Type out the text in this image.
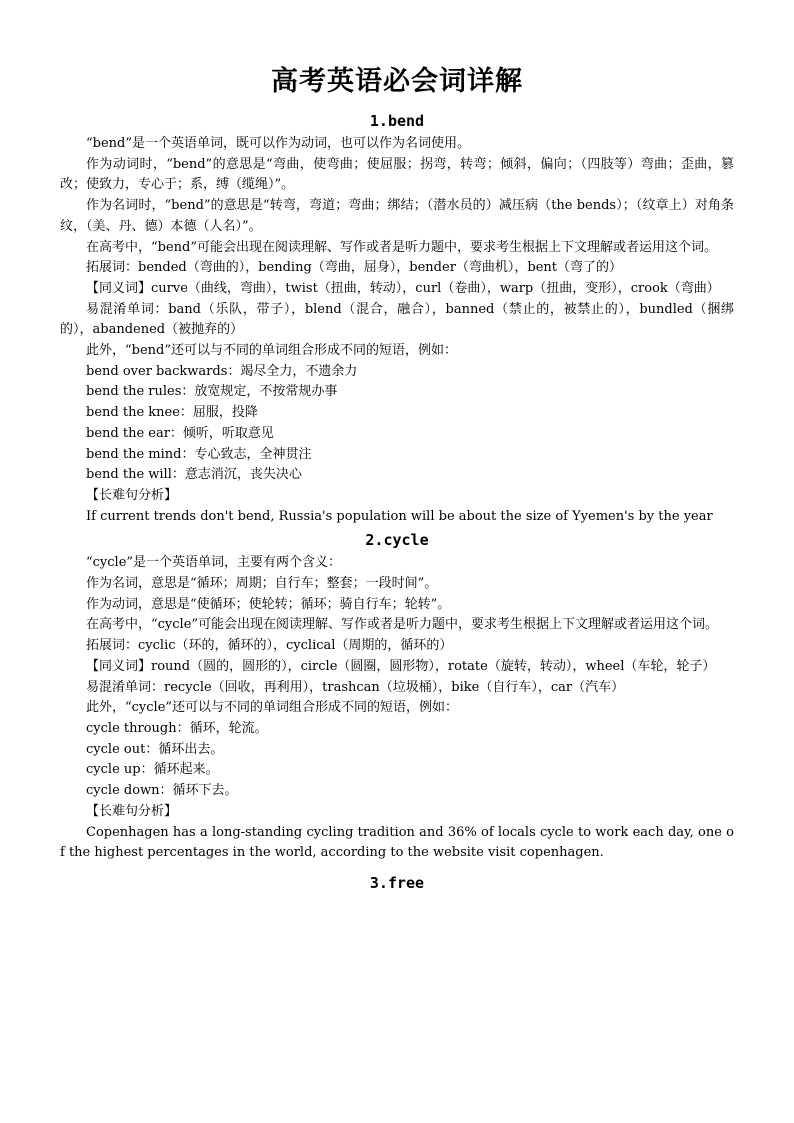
高考英语必会词详解
1.bend

“bend”是一个英语单词，既可以作为动词，也可以作为名词使用。

作为动词时，“bend”的意思是“弯曲，使弯曲；使屈服；拐弯，转弯；倾斜，偏向；（四肢等）弯曲；歪曲，篡改；使致力，专心于；系，缚（缆绳）”。

作为名词时，“bend”的意思是“转弯，弯道；弯曲；绑结；（潜水员的）减压病（the bends）；（纹章上）对角条纹，（美、丹、德）本德（人名）”。

在高考中，“bend”可能会出现在阅读理解、写作或者是听力题中，要求考生根据上下文理解或者运用这个词。

拓展词：bended（弯曲的），bending（弯曲，屈身），bender（弯曲机），bent（弯了的）

【同义词】curve（曲线，弯曲），twist（扭曲，转动），curl（卷曲），warp（扭曲，变形），crook（弯曲）

易混淆单词：band（乐队，带子），blend（混合，融合），banned（禁止的，被禁止的），bundled（捆绑的），abandened（被抛弃的）

此外，“bend”还可以与不同的单词组合形成不同的短语，例如：

bend over backwards：竭尽全力，不遗余力

bend the rules：放宽规定，不按常规办事

bend the knee：屈服，投降

bend the ear：倾听，听取意见

bend the mind：专心致志，全神贯注

bend the will：意志消沉，丧失决心

【长难句分析】

If current trends don't bend, Russia's population will be about the size of Yyemen's by the year

2.cycle

“cycle”是一个英语单词，主要有两个含义：

作为名词，意思是“循环；周期；自行车；整套；一段时间”。

作为动词，意思是“使循环；使轮转；循环；骑自行车；轮转”。

在高考中，“cycle”可能会出现在阅读理解、写作或者是听力题中，要求考生根据上下文理解或者运用这个词。

拓展词：cyclic（环的，循环的），cyclical（周期的，循环的）

【同义词】round（圆的，圆形的），circle（圆圈，圆形物），rotate（旋转，转动），wheel（车轮，轮子）

易混淆单词：recycle（回收，再利用），trashcan（垃圾桶），bike（自行车），car（汽车）

此外，“cycle”还可以与不同的单词组合形成不同的短语，例如：

cycle through：循环，轮流。

cycle out：循环出去。

cycle up：循环起来。

cycle down：循环下去。

【长难句分析】

Copenhagen has a long-standing cycling tradition and 36% of locals cycle to work each day, one of the highest percentages in the world, according to the website visit copenhagen.

3.free
